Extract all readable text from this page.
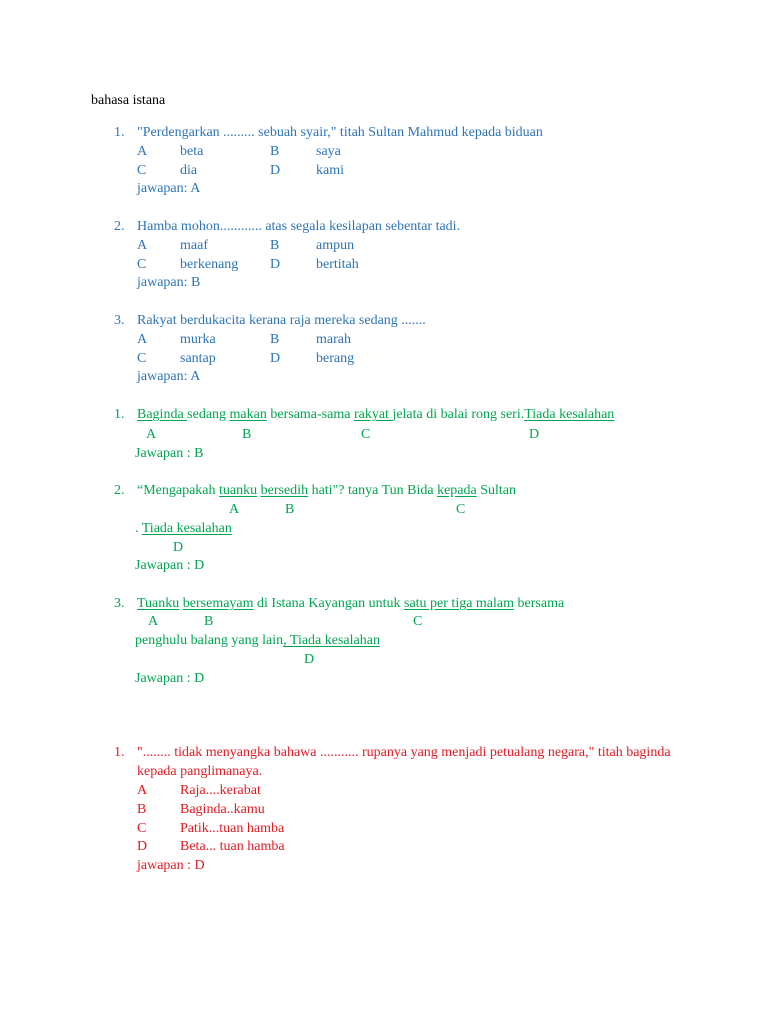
bahasa istana
1. "Perdengarkan ......... sebuah syair," titah Sultan Mahmud kepada biduan
A beta	B	saya
C dia	D	kami
jawapan: A
2. Hamba mohon............ atas segala kesilapan sebentar tadi.
A maaf	B	ampun
C berkenang D	bertitah
jawapan: B
3. Rakyat berdukacita kerana raja mereka sedang .......
A murka	B	marah
C santap	D	berang
jawapan: A
1. Baginda sedang makan bersama-sama rakyat jelata di balai rong seri.Tiada kesalahan
A	B	C	D
Jawapan : B
2. “Mengapakah tuanku bersedih hati"? tanya Tun Bida kepada Sultan
A	B	C
. Tiada kesalahan
D
Jawapan : D
3. Tuanku bersemayam di Istana Kayangan untuk satu per tiga malam bersama
A	B	C
penghulu balang yang lain, Tiada kesalahan
D
Jawapan : D
1. "........ tidak menyangka bahawa ........... rupanya yang menjadi petualang negara," titah baginda
kepada panglimanaya.
A Raja....kerabat
B Baginda..kamu
C Patik...tuan hamba
D Beta... tuan hamba
jawapan : D
